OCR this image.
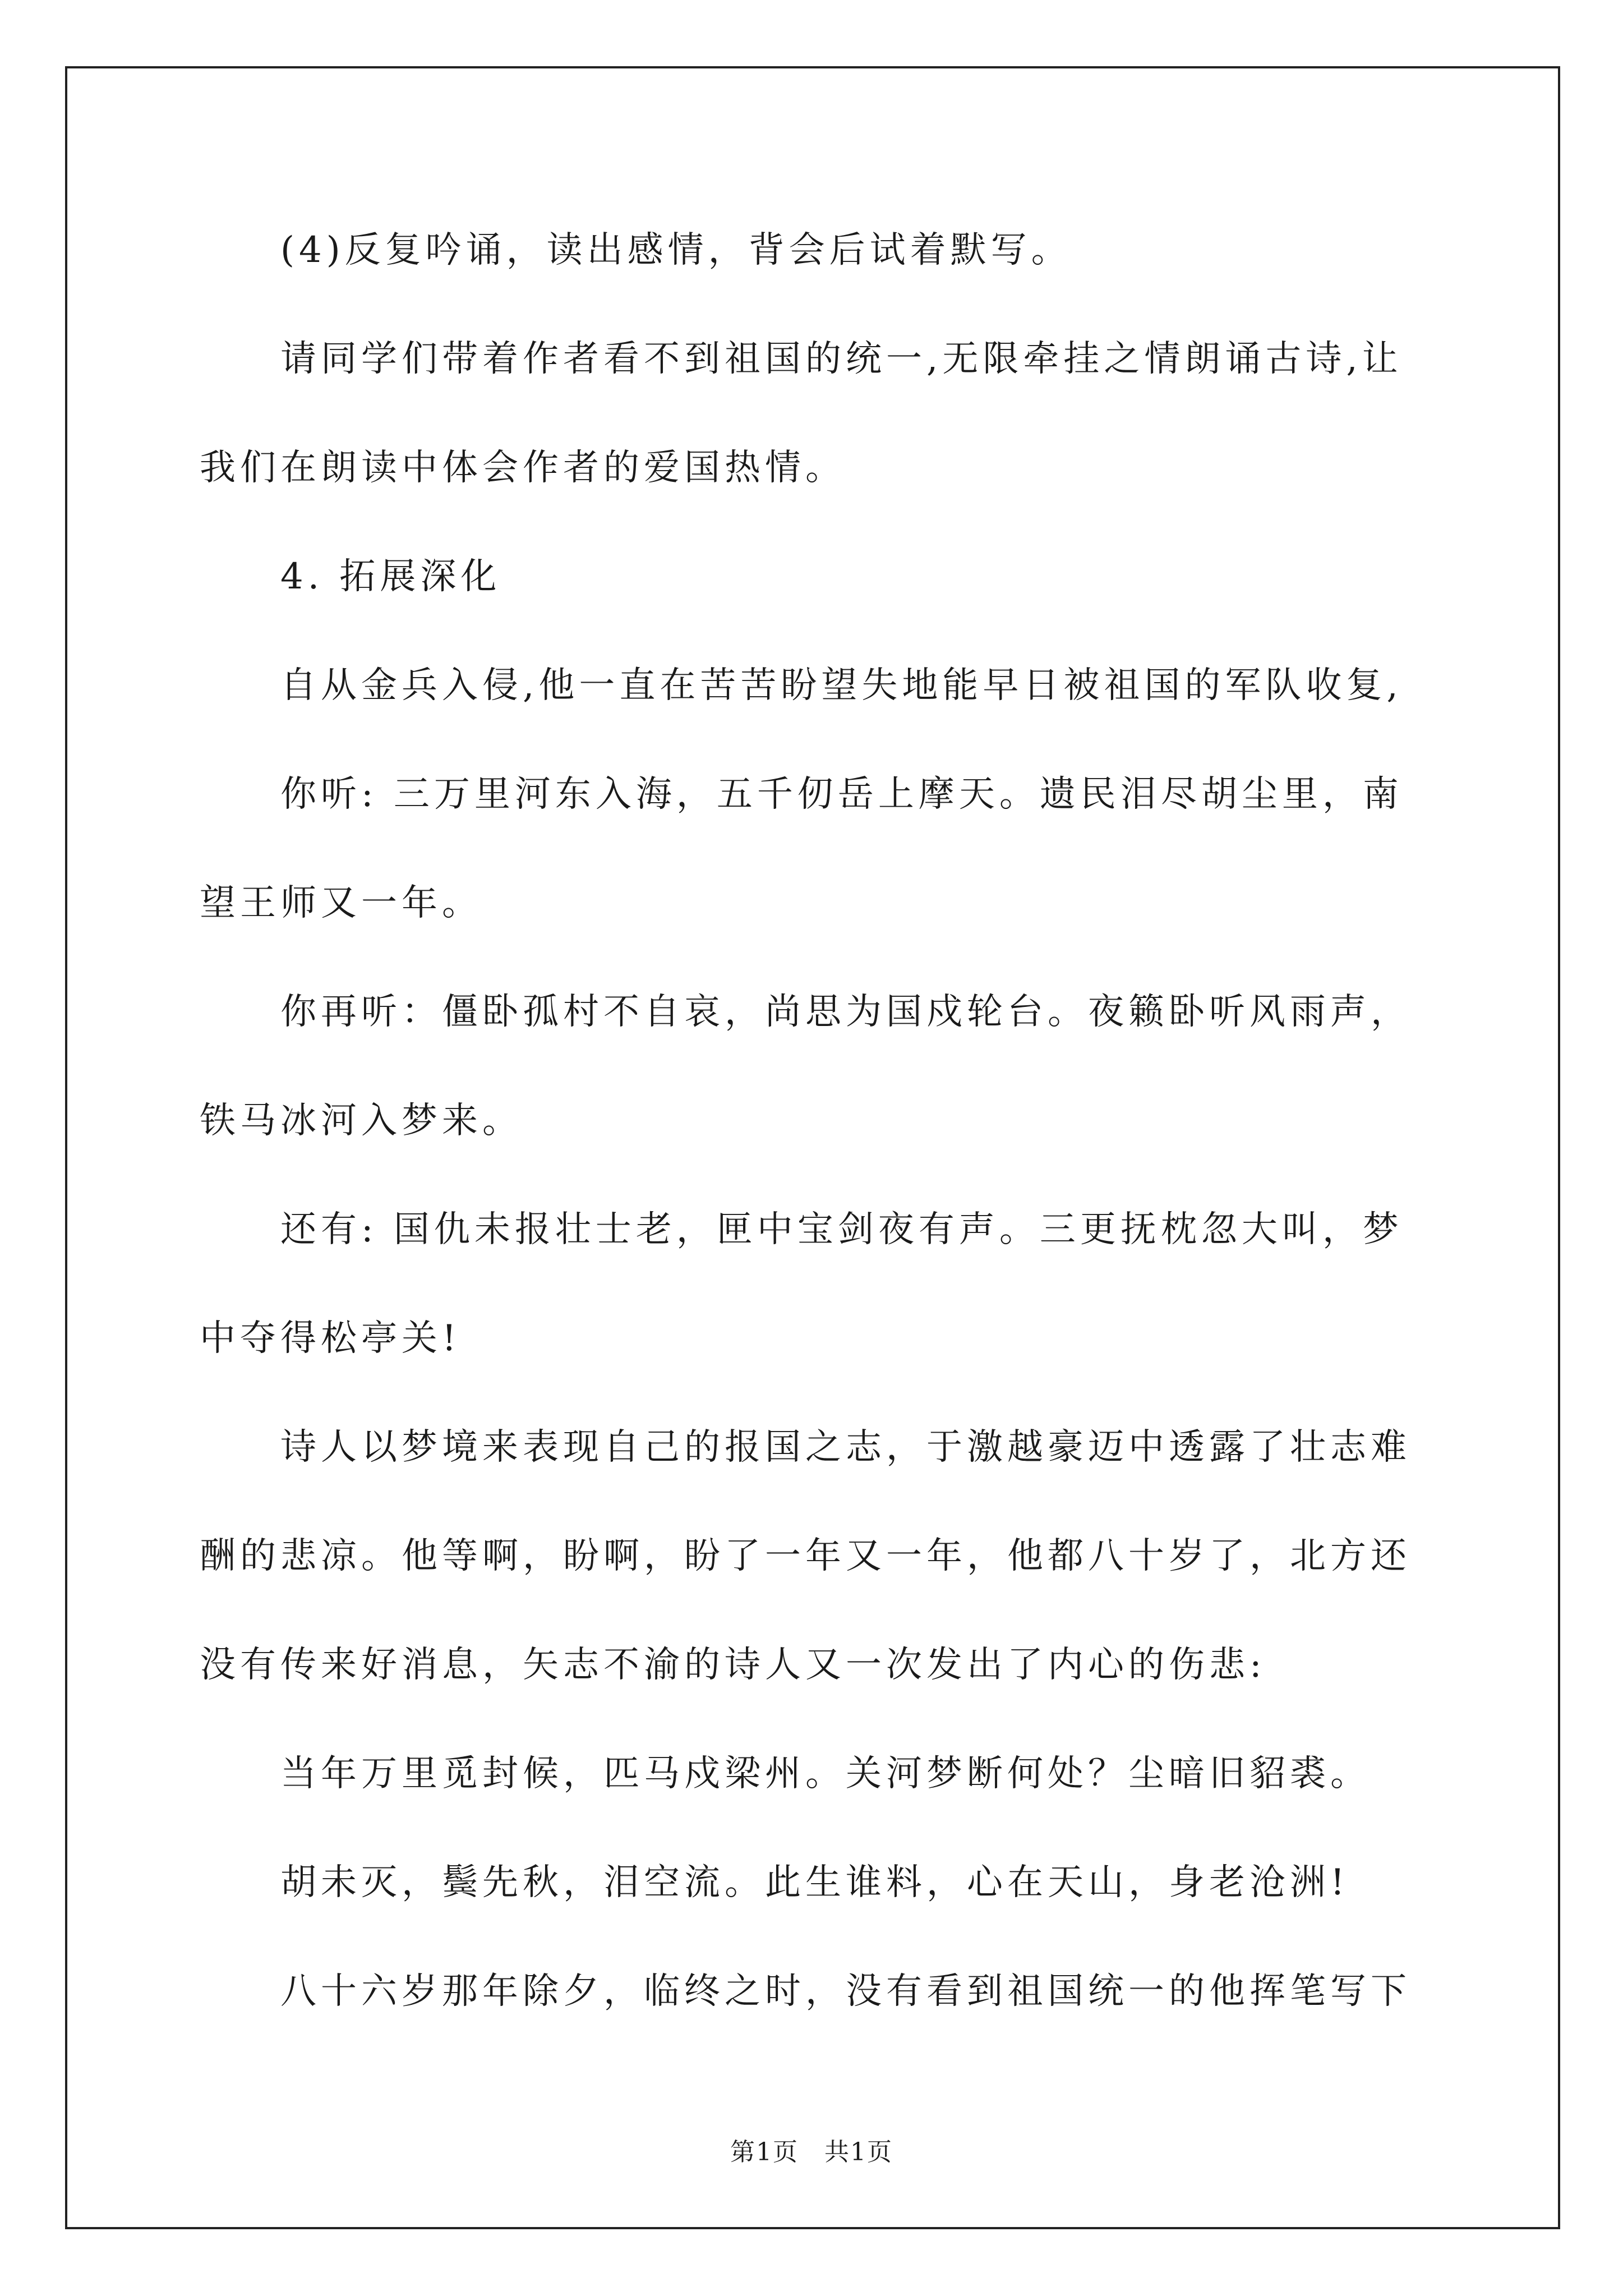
(4)反复吟诵，读出感情，背会后试着默写。
请同学们带着作者看不到祖国的统一,无限牵挂之情朗诵古诗,让
我们在朗读中体会作者的爱国热情。
4. 拓展深化
自从金兵入侵,他一直在苦苦盼望失地能早日被祖国的军队收复,
你听: 三万里河东入海，五千仞岳上摩天。遗民泪尽胡尘里，南
望王师又一年。
你再听：僵卧孤村不自哀，尚思为国戍轮台。夜籁卧听风雨声，
铁马冰河入梦来。
还有: 国仇未报壮士老，匣中宝剑夜有声。三更抚枕忽大叫，梦
中夺得松亭关!
诗人以梦境来表现自己的报国之志，于激越豪迈中透露了壮志难
酬的悲凉。他等啊，盼啊，盼了一年又一年，他都八十岁了，北方还
没有传来好消息，矢志不渝的诗人又一次发出了内心的伤悲:
当年万里觅封候，匹马戍梁州。关河梦断何处？尘暗旧貂裘。
胡未灭，鬓先秋，泪空流。此生谁料，心在天山，身老沧洲!
八十六岁那年除夕，临终之时，没有看到祖国统一的他挥笔写下
第1页　共1页
